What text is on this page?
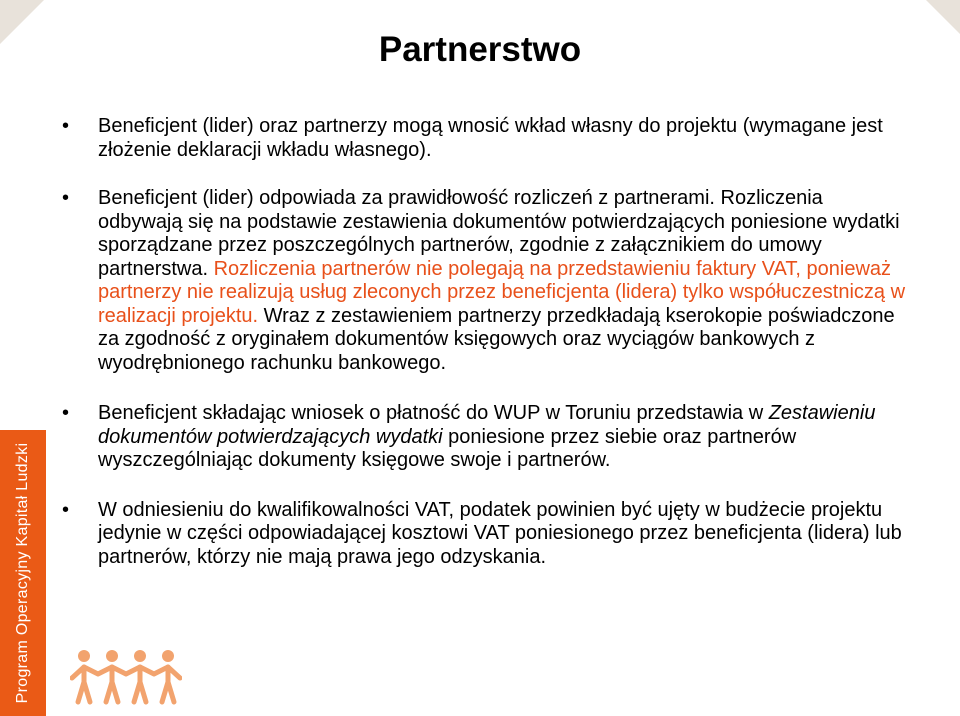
Partnerstwo
• Beneficjent (lider) oraz partnerzy mogą wnosić wkład własny do projektu (wymagane jest złożenie deklaracji wkładu własnego).
• Beneficjent (lider) odpowiada za prawidłowość rozliczeń z partnerami. Rozliczenia odbywają się na podstawie zestawienia dokumentów potwierdzających poniesione wydatki sporządzane przez poszczególnych partnerów, zgodnie z załącznikiem do umowy partnerstwa. Rozliczenia partnerów nie polegają na przedstawieniu faktury VAT, ponieważ partnerzy nie realizują usług zleconych przez beneficjenta (lidera) tylko współuczestniczą w realizacji projektu. Wraz z zestawieniem partnerzy przedkładają kserokopie poświadczone za zgodność z oryginałem dokumentów księgowych oraz wyciągów bankowych z wyodrębnionego rachunku bankowego.
• Beneficjent składając wniosek o płatność do WUP w Toruniu przedstawia w Zestawieniu dokumentów potwierdzających wydatki poniesione przez siebie oraz partnerów wyszczególniając dokumenty księgowe swoje i partnerów.
• W odniesieniu do kwalifikowalności VAT, podatek powinien być ujęty w budżecie projektu jedynie w części odpowiadającej kosztowi VAT poniesionego przez beneficjenta (lidera) lub partnerów, którzy nie mają prawa jego odzyskania.
Program Operacyjny Kapitał Ludzki
